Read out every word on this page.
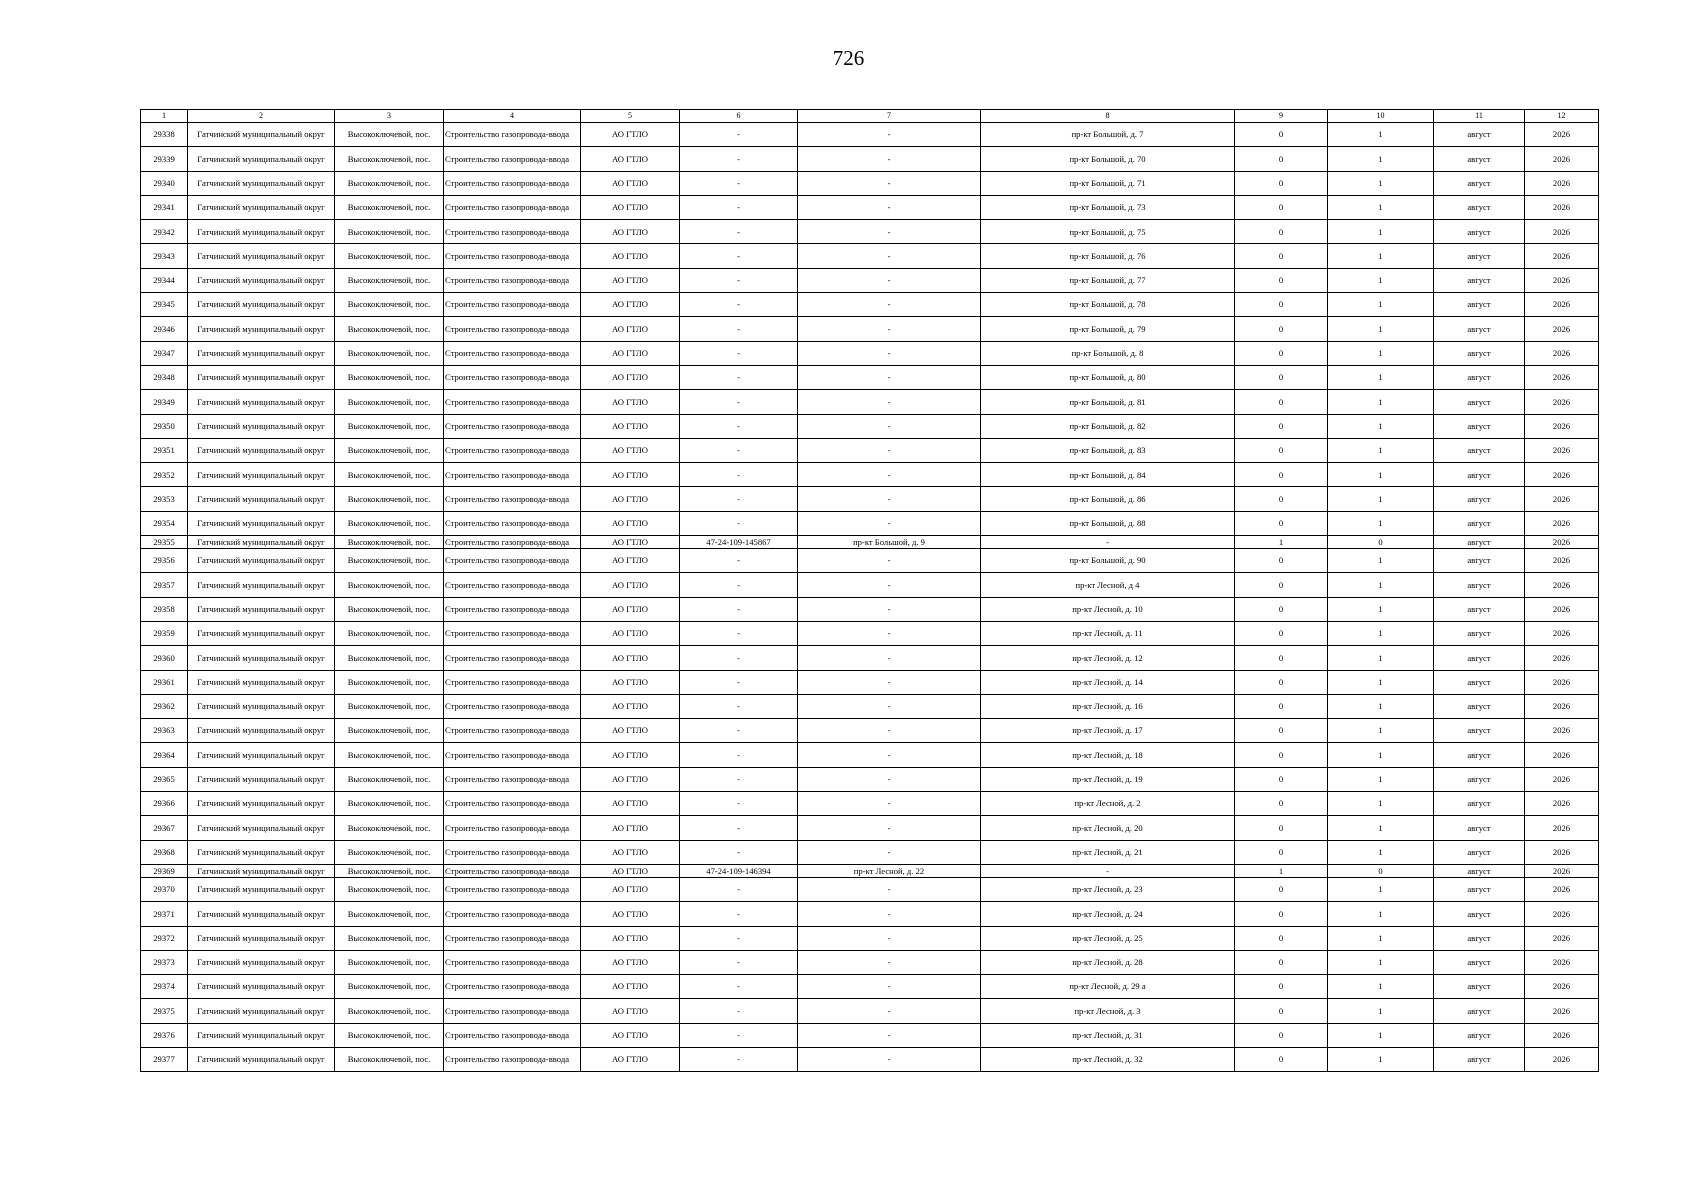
726
1	2	3	4	5	6	7	8	9	10	11	12
29338	Гатчинский муниципальный округ	Высокоключевой, пос.	Строительство газопровода-ввода	АО ГТЛО	-	-	пр-кт Большой, д. 7	0	1	август	2026
29339	Гатчинский муниципальный округ	Высокоключевой, пос.	Строительство газопровода-ввода	АО ГТЛО	-	-	пр-кт Большой, д. 70	0	1	август	2026
29340	Гатчинский муниципальный округ	Высокоключевой, пос.	Строительство газопровода-ввода	АО ГТЛО	-	-	пр-кт Большой, д. 71	0	1	август	2026
29341	Гатчинский муниципальный округ	Высокоключевой, пос.	Строительство газопровода-ввода	АО ГТЛО	-	-	пр-кт Большой, д. 73	0	1	август	2026
29342	Гатчинский муниципальный округ	Высокоключевой, пос.	Строительство газопровода-ввода	АО ГТЛО	-	-	пр-кт Большой, д. 75	0	1	август	2026
29343	Гатчинский муниципальный округ	Высокоключевой, пос.	Строительство газопровода-ввода	АО ГТЛО	-	-	пр-кт Большой, д. 76	0	1	август	2026
29344	Гатчинский муниципальный округ	Высокоключевой, пос.	Строительство газопровода-ввода	АО ГТЛО	-	-	пр-кт Большой, д. 77	0	1	август	2026
29345	Гатчинский муниципальный округ	Высокоключевой, пос.	Строительство газопровода-ввода	АО ГТЛО	-	-	пр-кт Большой, д. 78	0	1	август	2026
29346	Гатчинский муниципальный округ	Высокоключевой, пос.	Строительство газопровода-ввода	АО ГТЛО	-	-	пр-кт Большой, д. 79	0	1	август	2026
29347	Гатчинский муниципальный округ	Высокоключевой, пос.	Строительство газопровода-ввода	АО ГТЛО	-	-	пр-кт Большой, д. 8	0	1	август	2026
29348	Гатчинский муниципальный округ	Высокоключевой, пос.	Строительство газопровода-ввода	АО ГТЛО	-	-	пр-кт Большой, д. 80	0	1	август	2026
29349	Гатчинский муниципальный округ	Высокоключевой, пос.	Строительство газопровода-ввода	АО ГТЛО	-	-	пр-кт Большой, д. 81	0	1	август	2026
29350	Гатчинский муниципальный округ	Высокоключевой, пос.	Строительство газопровода-ввода	АО ГТЛО	-	-	пр-кт Большой, д. 82	0	1	август	2026
29351	Гатчинский муниципальный округ	Высокоключевой, пос.	Строительство газопровода-ввода	АО ГТЛО	-	-	пр-кт Большой, д. 83	0	1	август	2026
29352	Гатчинский муниципальный округ	Высокоключевой, пос.	Строительство газопровода-ввода	АО ГТЛО	-	-	пр-кт Большой, д. 84	0	1	август	2026
29353	Гатчинский муниципальный округ	Высокоключевой, пос.	Строительство газопровода-ввода	АО ГТЛО	-	-	пр-кт Большой, д. 86	0	1	август	2026
29354	Гатчинский муниципальный округ	Высокоключевой, пос.	Строительство газопровода-ввода	АО ГТЛО	-	-	пр-кт Большой, д. 88	0	1	август	2026
29355	Гатчинский муниципальный округ	Высокоключевой, пос.	Строительство газопровода-ввода	АО ГТЛО	47-24-109-145867	пр-кт Большой, д. 9	-	1	0	август	2026
29356	Гатчинский муниципальный округ	Высокоключевой, пос.	Строительство газопровода-ввода	АО ГТЛО	-	-	пр-кт Большой, д. 90	0	1	август	2026
29357	Гатчинский муниципальный округ	Высокоключевой, пос.	Строительство газопровода-ввода	АО ГТЛО	-	-	пр-кт Лесной, д 4	0	1	август	2026
29358	Гатчинский муниципальный округ	Высокоключевой, пос.	Строительство газопровода-ввода	АО ГТЛО	-	-	пр-кт Лесной, д. 10	0	1	август	2026
29359	Гатчинский муниципальный округ	Высокоключевой, пос.	Строительство газопровода-ввода	АО ГТЛО	-	-	пр-кт Лесной, д. 11	0	1	август	2026
29360	Гатчинский муниципальный округ	Высокоключевой, пос.	Строительство газопровода-ввода	АО ГТЛО	-	-	пр-кт Лесной, д. 12	0	1	август	2026
29361	Гатчинский муниципальный округ	Высокоключевой, пос.	Строительство газопровода-ввода	АО ГТЛО	-	-	пр-кт Лесной, д. 14	0	1	август	2026
29362	Гатчинский муниципальный округ	Высокоключевой, пос.	Строительство газопровода-ввода	АО ГТЛО	-	-	пр-кт Лесной, д. 16	0	1	август	2026
29363	Гатчинский муниципальный округ	Высокоключевой, пос.	Строительство газопровода-ввода	АО ГТЛО	-	-	пр-кт Лесной, д. 17	0	1	август	2026
29364	Гатчинский муниципальный округ	Высокоключевой, пос.	Строительство газопровода-ввода	АО ГТЛО	-	-	пр-кт Лесной, д. 18	0	1	август	2026
29365	Гатчинский муниципальный округ	Высокоключевой, пос.	Строительство газопровода-ввода	АО ГТЛО	-	-	пр-кт Лесной, д. 19	0	1	август	2026
29366	Гатчинский муниципальный округ	Высокоключевой, пос.	Строительство газопровода-ввода	АО ГТЛО	-	-	пр-кт Лесной, д. 2	0	1	август	2026
29367	Гатчинский муниципальный округ	Высокоключевой, пос.	Строительство газопровода-ввода	АО ГТЛО	-	-	пр-кт Лесной, д. 20	0	1	август	2026
29368	Гатчинский муниципальный округ	Высокоключевой, пос.	Строительство газопровода-ввода	АО ГТЛО	-	-	пр-кт Лесной, д. 21	0	1	август	2026
29369	Гатчинский муниципальный округ	Высокоключевой, пос.	Строительство газопровода-ввода	АО ГТЛО	47-24-109-146394	пр-кт Лесной, д. 22	-	1	0	август	2026
29370	Гатчинский муниципальный округ	Высокоключевой, пос.	Строительство газопровода-ввода	АО ГТЛО	-	-	пр-кт Лесной, д. 23	0	1	август	2026
29371	Гатчинский муниципальный округ	Высокоключевой, пос.	Строительство газопровода-ввода	АО ГТЛО	-	-	пр-кт Лесной, д. 24	0	1	август	2026
29372	Гатчинский муниципальный округ	Высокоключевой, пос.	Строительство газопровода-ввода	АО ГТЛО	-	-	пр-кт Лесной, д. 25	0	1	август	2026
29373	Гатчинский муниципальный округ	Высокоключевой, пос.	Строительство газопровода-ввода	АО ГТЛО	-	-	пр-кт Лесной, д. 28	0	1	август	2026
29374	Гатчинский муниципальный округ	Высокоключевой, пос.	Строительство газопровода-ввода	АО ГТЛО	-	-	пр-кт Лесной, д. 29 а	0	1	август	2026
29375	Гатчинский муниципальный округ	Высокоключевой, пос.	Строительство газопровода-ввода	АО ГТЛО	-	-	пр-кт Лесной, д. 3	0	1	август	2026
29376	Гатчинский муниципальный округ	Высокоключевой, пос.	Строительство газопровода-ввода	АО ГТЛО	-	-	пр-кт Лесной, д. 31	0	1	август	2026
29377	Гатчинский муниципальный округ	Высокоключевой, пос.	Строительство газопровода-ввода	АО ГТЛО	-	-	пр-кт Лесной, д. 32	0	1	август	2026
